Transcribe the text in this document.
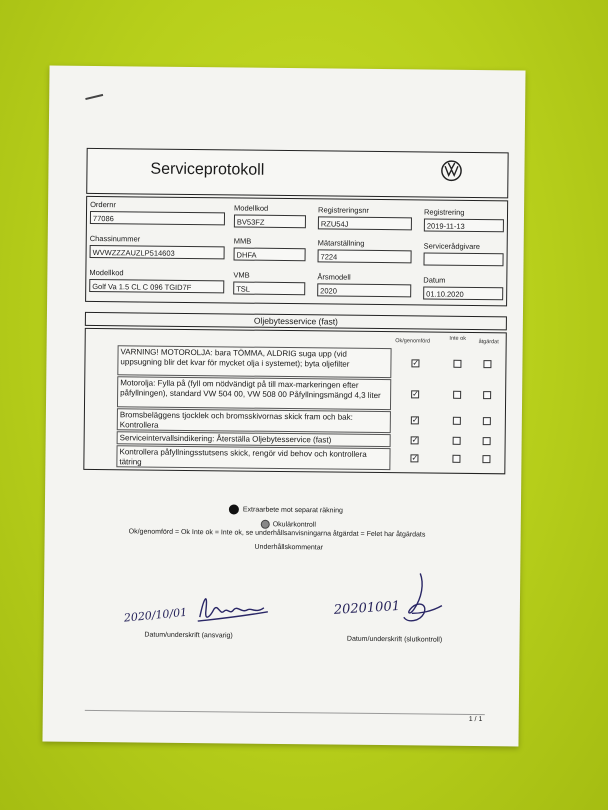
Serviceprotokoll
Ordernr
77086
Modellkod
BV53FZ
Registreringsnr
RZU54J
Registrering
2019-11-13
Chassinummer
WVWZZZAUZLP514603
MMB
DHFA
Mätarställning
7224
Servicerådgivare
Modellkod
Golf Va 1.5 CL C 096 TGID7F
VMB
TSL
Årsmodell
2020
Datum
01.10.2020
Oljebytesservice (fast)
Ok/genomförd	Inte ok
åtgärdat
VARNING! MOTOROLJA: bara TÖMMA, ALDRIG suga upp (vid uppsugning blir det kvar för mycket olja i systemet); byta oljefilter
Motorolja: Fylla på (fyll om nödvändigt på till max-markeringen efter påfyllningen), standard VW 504 00, VW 508 00 Påfyllningsmängd 4,3 liter
Bromsbeläggens tjocklek och bromsskivornas skick fram och bak: Kontrollera
Serviceintervallsindikering: Återställa Oljebytesservice (fast)
Kontrollera påfyllningsstutsens skick, rengör vid behov och kontrollera tätring
✓
✓
✓
✓
✓
Extraarbete mot separat räkning
Okulärkontroll
Ok/genomförd = Ok Inte ok = Inte ok, se underhållsanvisningarna åtgärdat = Felet har åtgärdats
Underhållskommentar
2020/10/01
Datum/underskrift (ansvarig)
20201001
Datum/underskrift (slutkontroll)
1 / 1
